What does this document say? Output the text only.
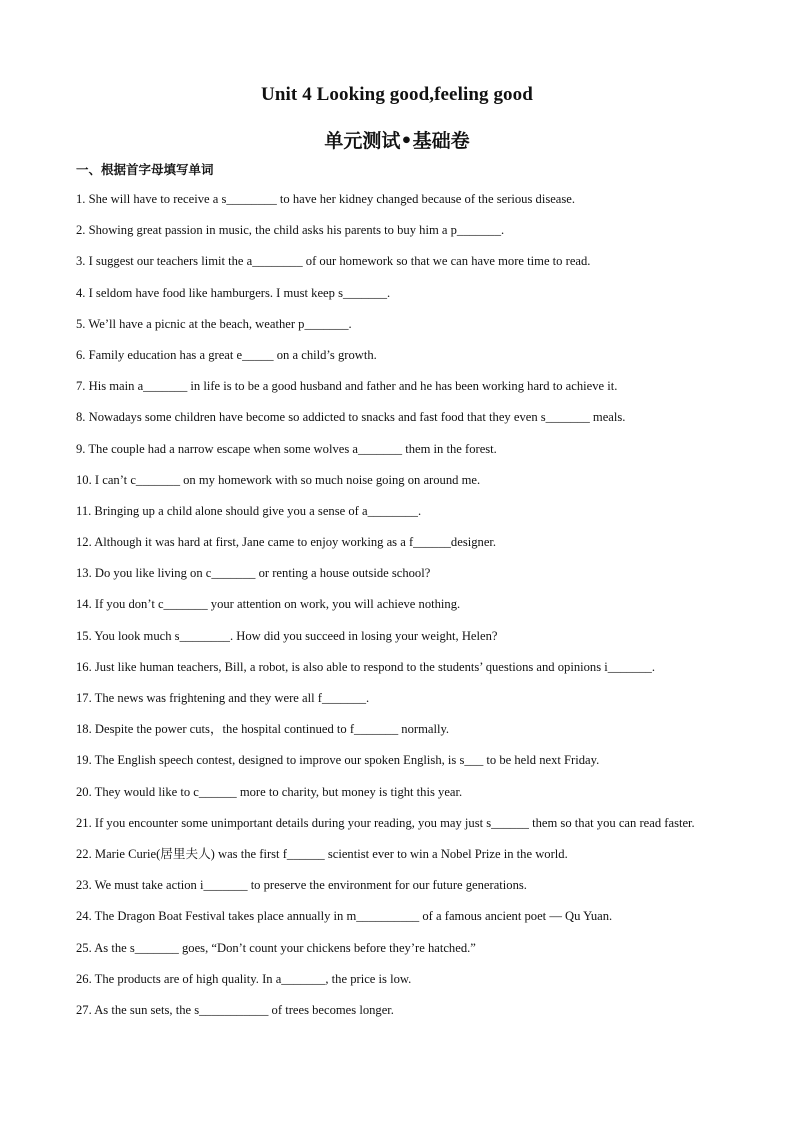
Unit 4 Looking good,feeling good
单元测试•基础卷
一、根据首字母填写单词
1. She will have to receive a s________ to have her kidney changed because of the serious disease.
2. Showing great passion in music, the child asks his parents to buy him a p_______.
3. I suggest our teachers limit the a________ of our homework so that we can have more time to read.
4. I seldom have food like hamburgers. I must keep s_______.
5. We’ll have a picnic at the beach, weather p_______.
6. Family education has a great e_____ on a child’s growth.
7. His main a_______ in life is to be a good husband and father and he has been working hard to achieve it.
8. Nowadays some children have become so addicted to snacks and fast food that they even s_______ meals.
9. The couple had a narrow escape when some wolves a_______ them in the forest.
10. I can’t c_______ on my homework with so much noise going on around me.
11. Bringing up a child alone should give you a sense of a________.
12. Although it was hard at first, Jane came to enjoy working as a f______designer.
13. Do you like living on c_______ or renting a house outside school?
14. If you don’t c_______ your attention on work, you will achieve nothing.
15. You look much s________. How did you succeed in losing your weight, Helen?
16. Just like human teachers, Bill, a robot, is also able to respond to the students’ questions and opinions i_______.
17. The news was frightening and they were all f_______.
18. Despite the power cuts，the hospital continued to f_______ normally.
19. The English speech contest, designed to improve our spoken English, is s___ to be held next Friday.
20. They would like to c______ more to charity, but money is tight this year.
21. If you encounter some unimportant details during your reading, you may just s______ them so that you can read faster.
22. Marie Curie(居里夫人) was the first f______ scientist ever to win a Nobel Prize in the world.
23. We must take action i_______ to preserve the environment for our future generations.
24. The Dragon Boat Festival takes place annually in m__________ of a famous ancient poet — Qu Yuan.
25. As the s_______ goes, “Don’t count your chickens before they’re hatched.”
26. The products are of high quality. In a_______, the price is low.
27. As the sun sets, the s___________ of trees becomes longer.
